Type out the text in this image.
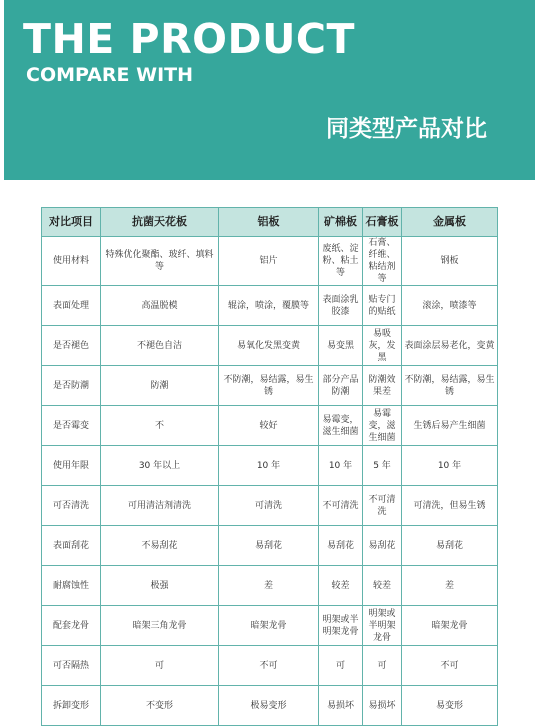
THE PRODUCT
COMPARE WITH
同类型产品对比
对比项目	抗菌天花板	铝板	矿棉板	石膏板	金属板
使用材料	特殊优化聚酯、玻纤、填料等	铝片	废纸、淀粉、粘土等	石膏、纤维、粘结剂等	钢板
表面处理	高温脱模	辊涂，喷涂，覆膜等	表面涂乳胶漆	贴专门的贴纸	滚涂，喷漆等
是否褪色	不褪色自洁	易氧化发黑变黄	易变黑	易吸灰，发黑	表面涂层易老化，变黄
是否防潮	防潮	不防潮，易结露，易生锈	部分产品防潮	防潮效果差	不防潮，易结露，易生锈
是否霉变	不	较好	易霉变，滋生细菌	易霉变，滋生细菌	生锈后易产生细菌
使用年限	30 年以上	10 年	10 年	5 年	10 年
可否清洗	可用清洁剂清洗	可清洗	不可清洗	不可清洗	可清洗，但易生锈
表面刮花	不易刮花	易刮花	易刮花	易刮花	易刮花
耐腐蚀性	极强	差	较差	较差	差
配套龙骨	暗架三角龙骨	暗架龙骨	明架或半明架龙骨	明架或半明架龙骨	暗架龙骨
可否隔热	可	不可	可	可	不可
拆卸变形	不变形	极易变形	易损坏	易损坏	易变形
